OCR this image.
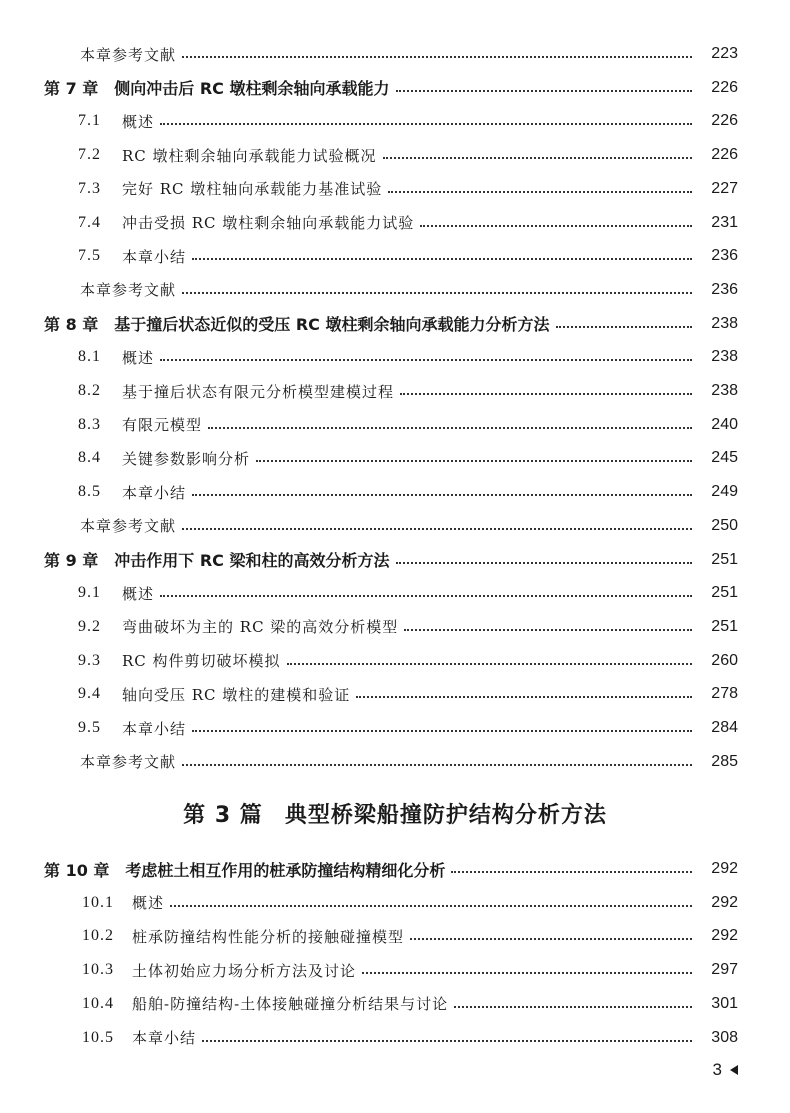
本章参考文献	223
第 7 章 侧向冲击后 RC 墩柱剩余轴向承载能力	226
7.1	概述	226
7.2	RC 墩柱剩余轴向承载能力试验概况	226
7.3	完好 RC 墩柱轴向承载能力基准试验	227
7.4	冲击受损 RC 墩柱剩余轴向承载能力试验	231
7.5	本章小结	236
本章参考文献	236
第 8 章 基于撞后状态近似的受压 RC 墩柱剩余轴向承载能力分析方法	238
8.1	概述	238
8.2	基于撞后状态有限元分析模型建模过程	238
8.3	有限元模型	240
8.4	关键参数影响分析	245
8.5	本章小结	249
本章参考文献	250
第 9 章 冲击作用下 RC 梁和柱的高效分析方法	251
9.1	概述	251
9.2	弯曲破坏为主的 RC 梁的高效分析模型	251
9.3	RC 构件剪切破坏模拟	260
9.4	轴向受压 RC 墩柱的建模和验证	278
9.5	本章小结	284
本章参考文献	285
第 10 章 考虑桩土相互作用的桩承防撞结构精细化分析	292
10.1	概述	292
10.2	桩承防撞结构性能分析的接触碰撞模型	292
10.3	土体初始应力场分析方法及讨论	297
10.4	船舶-防撞结构-土体接触碰撞分析结果与讨论	301
10.5	本章小结	308
第 3 篇 典型桥梁船撞防护结构分析方法
3
